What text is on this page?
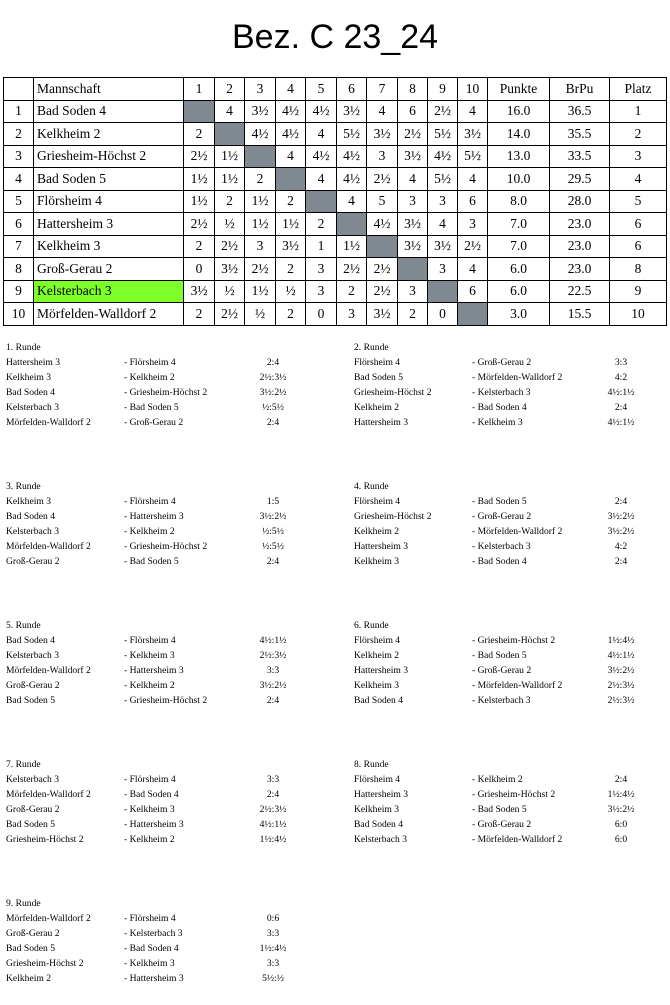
Bez. C 23_24
	Mannschaft	1	2	3	4	5	6	7	8	9	10	Punkte	BrPu	Platz
1	Bad Soden 4		4	3½	4½	4½	3½	4	6	2½	4	16.0	36.5	1
2	Kelkheim 2	2		4½	4½	4	5½	3½	2½	5½	3½	14.0	35.5	2
3	Griesheim-Höchst 2	2½	1½		4	4½	4½	3	3½	4½	5½	13.0	33.5	3
4	Bad Soden 5	1½	1½	2		4	4½	2½	4	5½	4	10.0	29.5	4
5	Flörsheim 4	1½	2	1½	2		4	5	3	3	6	8.0	28.0	5
6	Hattersheim 3	2½	½	1½	1½	2		4½	3½	4	3	7.0	23.0	6
7	Kelkheim 3	2	2½	3	3½	1	1½		3½	3½	2½	7.0	23.0	6
8	Groß-Gerau 2	0	3½	2½	2	3	2½	2½		3	4	6.0	23.0	8
9	Kelsterbach 3	3½	½	1½	½	3	2	2½	3		6	6.0	22.5	9
10	Mörfelden-Walldorf 2	2	2½	½	2	0	3	3½	2	0		3.0	15.5	10
1. Runde
Hattersheim 3	- Flörsheim 4	2:4
Kelkheim 3	- Kelkheim 2	2½:3½
Bad Soden 4	- Griesheim-Höchst 2	3½:2½
Kelsterbach 3	- Bad Soden 5	½:5½
Mörfelden-Walldorf 2	- Groß-Gerau 2	2:4
2. Runde
Flörsheim 4	- Groß-Gerau 2	3:3
Bad Soden 5	- Mörfelden-Walldorf 2	4:2
Griesheim-Höchst 2	- Kelsterbach 3	4½:1½
Kelkheim 2	- Bad Soden 4	2:4
Hattersheim 3	- Kelkheim 3	4½:1½
3. Runde
Kelkheim 3	- Flörsheim 4	1:5
Bad Soden 4	- Hattersheim 3	3½:2½
Kelsterbach 3	- Kelkheim 2	½:5½
Mörfelden-Walldorf 2	- Griesheim-Höchst 2	½:5½
Groß-Gerau 2	- Bad Soden 5	2:4
4. Runde
Flörsheim 4	- Bad Soden 5	2:4
Griesheim-Höchst 2	- Groß-Gerau 2	3½:2½
Kelkheim 2	- Mörfelden-Walldorf 2	3½:2½
Hattersheim 3	- Kelsterbach 3	4:2
Kelkheim 3	- Bad Soden 4	2:4
5. Runde
Bad Soden 4	- Flörsheim 4	4½:1½
Kelsterbach 3	- Kelkheim 3	2½:3½
Mörfelden-Walldorf 2	- Hattersheim 3	3:3
Groß-Gerau 2	- Kelkheim 2	3½:2½
Bad Soden 5	- Griesheim-Höchst 2	2:4
6. Runde
Flörsheim 4	- Griesheim-Höchst 2	1½:4½
Kelkheim 2	- Bad Soden 5	4½:1½
Hattersheim 3	- Groß-Gerau 2	3½:2½
Kelkheim 3	- Mörfelden-Walldorf 2	2½:3½
Bad Soden 4	- Kelsterbach 3	2½:3½
7. Runde
Kelsterbach 3	- Flörsheim 4	3:3
Mörfelden-Walldorf 2	- Bad Soden 4	2:4
Groß-Gerau 2	- Kelkheim 3	2½:3½
Bad Soden 5	- Hattersheim 3	4½:1½
Griesheim-Höchst 2	- Kelkheim 2	1½:4½
8. Runde
Flörsheim 4	- Kelkheim 2	2:4
Hattersheim 3	- Griesheim-Höchst 2	1½:4½
Kelkheim 3	- Bad Soden 5	3½:2½
Bad Soden 4	- Groß-Gerau 2	6:0
Kelsterbach 3	- Mörfelden-Walldorf 2	6:0
9. Runde
Mörfelden-Walldorf 2	- Flörsheim 4	0:6
Groß-Gerau 2	- Kelsterbach 3	3:3
Bad Soden 5	- Bad Soden 4	1½:4½
Griesheim-Höchst 2	- Kelkheim 3	3:3
Kelkheim 2	- Hattersheim 3	5½:½
